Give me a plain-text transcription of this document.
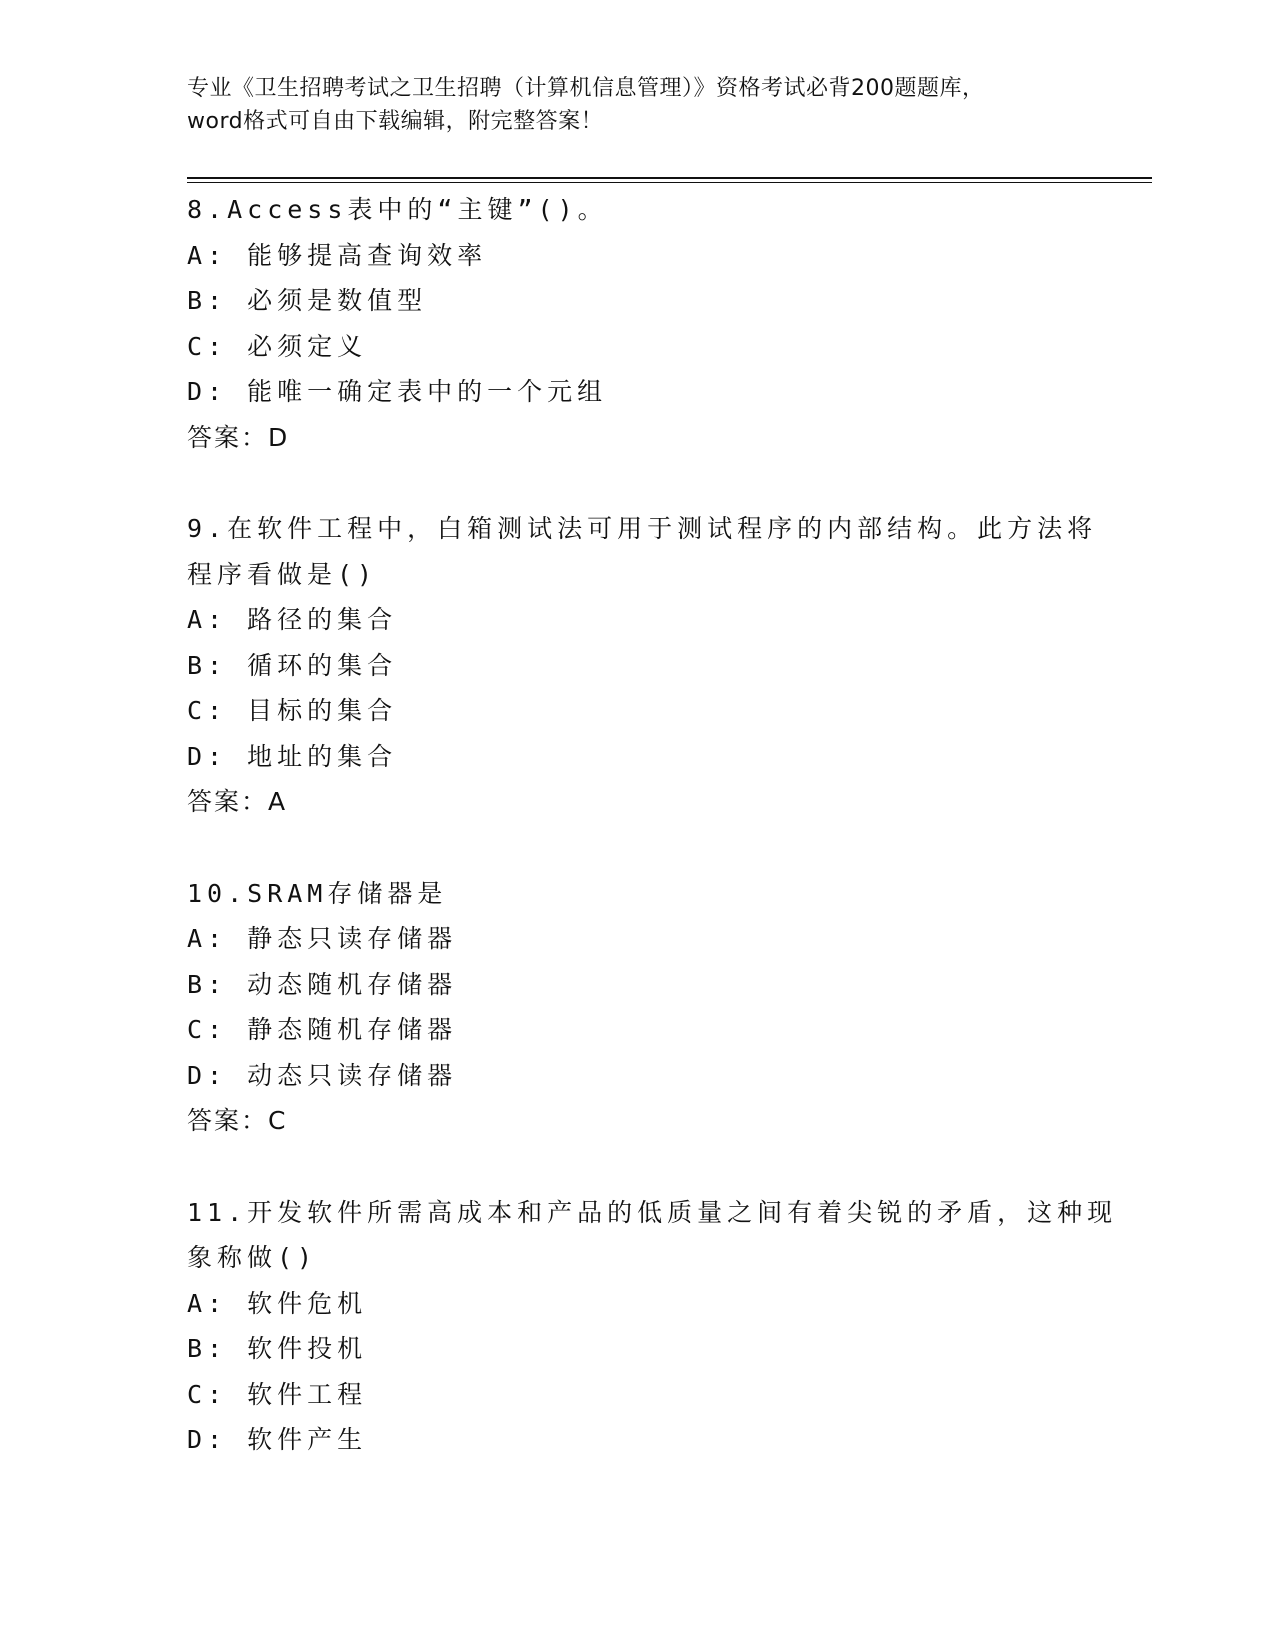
专业《卫生招聘考试之卫生招聘（计算机信息管理）》资格考试必背200题题库，
word格式可自由下载编辑，附完整答案！
8.Access表中的“主键”()。
A: 能够提高查询效率
B: 必须是数值型
C: 必须定义
D: 能唯一确定表中的一个元组
答案：D
9.在软件工程中，白箱测试法可用于测试程序的内部结构。此方法将
程序看做是()
A: 路径的集合
B: 循环的集合
C: 目标的集合
D: 地址的集合
答案：A
10.SRAM存储器是
A: 静态只读存储器
B: 动态随机存储器
C: 静态随机存储器
D: 动态只读存储器
答案：C
11.开发软件所需高成本和产品的低质量之间有着尖锐的矛盾，这种现
象称做()
A: 软件危机
B: 软件投机
C: 软件工程
D: 软件产生
